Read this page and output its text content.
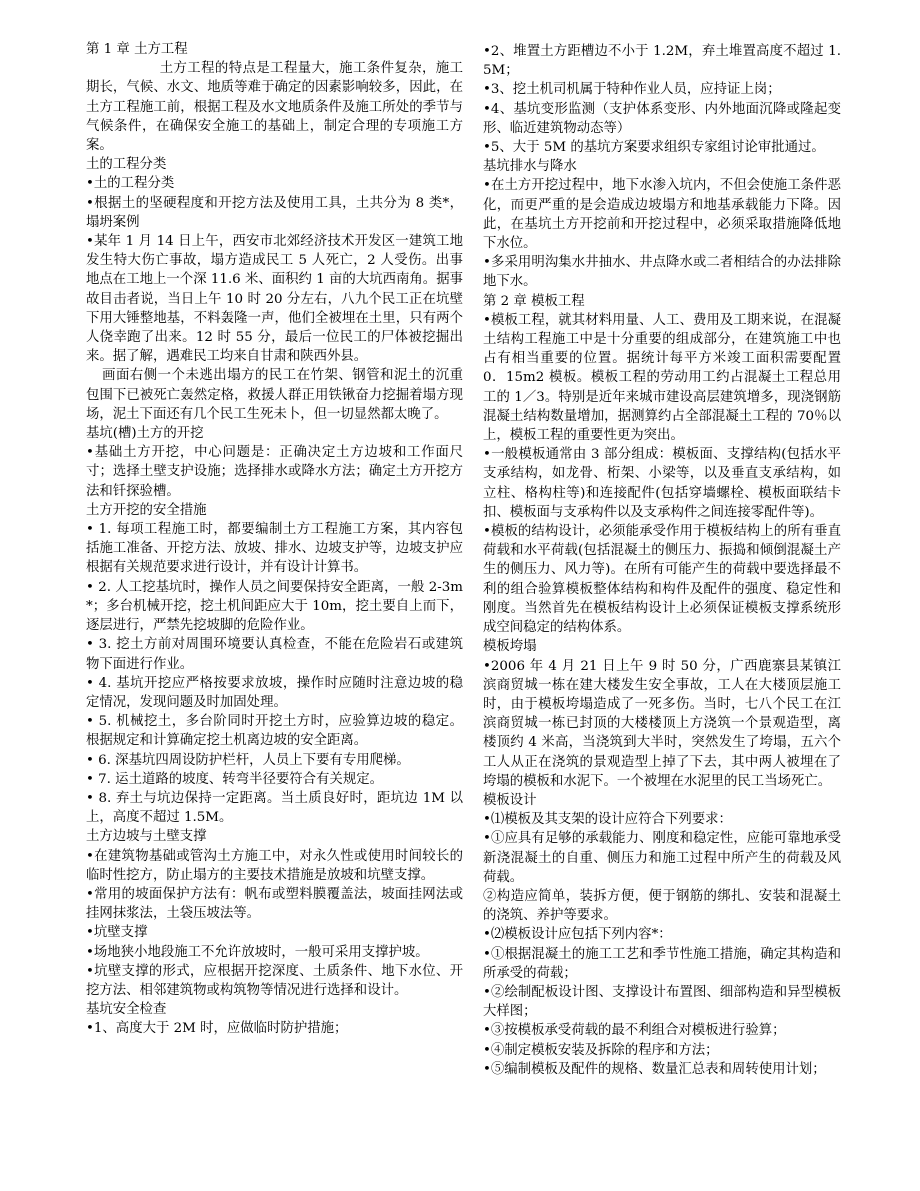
第 1 章 土方工程

土方工程的特点是工程量大，施工条件复杂，施工期长，气候、水文、地质等难于确定的因素影响较多，因此，在土方工程施工前，根据工程及水文地质条件及施工所处的季节与气候条件，在确保安全施工的基础上，制定合理的专项施工方案。

土的工程分类

•土的工程分类

•根据土的坚硬程度和开挖方法及使用工具，土共分为 8 类*，塌坍案例

•某年 1 月 14 日上午，西安市北郊经济技术开发区一建筑工地发生特大伤亡事故，塌方造成民工 5 人死亡，2 人受伤。出事地点在工地上一个深 11.6 米、面积约 1 亩的大坑西南角。据事故目击者说，当日上午 10 时 20 分左右，八九个民工正在坑壁下用大锤整地基，不料轰隆一声，他们全被埋在土里，只有两个人侥幸跑了出来。12 时 55 分，最后一位民工的尸体被挖掘出来。据了解，遇难民工均来自甘肃和陕西外县。

画面右侧一个未逃出塌方的民工在竹架、钢管和泥土的沉重包围下已被死亡轰然定格，救援人群正用铁锹奋力挖掘着塌方现场，泥土下面还有几个民工生死未卜，但一切显然都太晚了。

基坑(槽)土方的开挖

•基础土方开挖，中心问题是：正确决定土方边坡和工作面尺寸；选择土壁支护设施；选择排水或降水方法；确定土方开挖方法和钎探验槽。

土方开挖的安全措施

• 1. 每项工程施工时，都要编制土方工程施工方案，其内容包括施工准备、开挖方法、放坡、排水、边坡支护等，边坡支护应根据有关规范要求进行设计，并有设计计算书。

• 2. 人工挖基坑时，操作人员之间要保持安全距离，一般 2-3m*；多台机械开挖，挖土机间距应大于 10m，挖土要自上而下，逐层进行，严禁先挖坡脚的危险作业。

• 3. 挖土方前对周围环境要认真检查，不能在危险岩石或建筑物下面进行作业。

• 4. 基坑开挖应严格按要求放坡，操作时应随时注意边坡的稳定情况，发现问题及时加固处理。

• 5. 机械挖土，多台阶同时开挖土方时，应验算边坡的稳定。根据规定和计算确定挖土机离边坡的安全距离。

• 6. 深基坑四周设防护栏杆，人员上下要有专用爬梯。

• 7. 运土道路的坡度、转弯半径要符合有关规定。

• 8. 弃土与坑边保持一定距离。当土质良好时，距坑边 1M 以上，高度不超过 1.5M。

土方边坡与土壁支撑

•在建筑物基础或管沟土方施工中，对永久性或使用时间较长的临时性挖方，防止塌方的主要技术措施是放坡和坑壁支撑。

•常用的坡面保护方法有：帆布或塑料膜覆盖法，坡面挂网法或挂网抹浆法，土袋压坡法等。

•坑壁支撑

•场地狭小地段施工不允许放坡时，一般可采用支撑护坡。

•坑壁支撑的形式，应根据开挖深度、土质条件、地下水位、开挖方法、相邻建筑物或构筑物等情况进行选择和设计。

基坑安全检查

•1、高度大于 2M 时，应做临时防护措施；

•2、堆置土方距槽边不小于 1.2M，弃土堆置高度不超过 1.5M；

•3、挖土机司机属于特种作业人员，应持证上岗；

•4、基坑变形监测（支护体系变形、内外地面沉降或隆起变形、临近建筑物动态等）

•5、大于 5M 的基坑方案要求组织专家组讨论审批通过。

基坑排水与降水

•在土方开挖过程中，地下水渗入坑内，不但会使施工条件恶化，而更严重的是会造成边坡塌方和地基承载能力下降。因此，在基坑土方开挖前和开挖过程中，必须采取措施降低地下水位。

•多采用明沟集水井抽水、井点降水或二者相结合的办法排除地下水。

第 2 章 模板工程

•模板工程，就其材料用量、人工、费用及工期来说，在混凝土结构工程施工中是十分重要的组成部分，在建筑施工中也占有相当重要的位置。据统计每平方米竣工面积需要配置 0．15m2 模板。模板工程的劳动用工约占混凝土工程总用工的 1／3。特别是近年来城市建设高层建筑增多，现浇钢筋混凝土结构数量增加，据测算约占全部混凝土工程的 70％以上，模板工程的重要性更为突出。

•一般模板通常由 3 部分组成：模板面、支撑结构(包括水平支承结构，如龙骨、桁架、小梁等，以及垂直支承结构，如立柱、格构柱等)和连接配件(包括穿墙螺栓、模板面联结卡扣、模板面与支承构件以及支承构件之间连接零配件等)。

•模板的结构设计，必须能承受作用于模板结构上的所有垂直荷载和水平荷载(包括混凝土的侧压力、振捣和倾倒混凝土产生的侧压力、风力等)。在所有可能产生的荷载中要选择最不利的组合验算模板整体结构和构件及配件的强度、稳定性和刚度。当然首先在模板结构设计上必须保证模板支撑系统形成空间稳定的结构体系。

模板垮塌

•2006 年 4 月 21 日上午 9 时 50 分，广西鹿寨县某镇江滨商贸城一栋在建大楼发生安全事故，工人在大楼顶层施工时，由于模板垮塌造成了一死多伤。当时，七八个民工在江滨商贸城一栋已封顶的大楼楼顶上方浇筑一个景观造型，离楼顶约 4 米高，当浇筑到大半时，突然发生了垮塌，五六个工人从正在浇筑的景观造型上掉了下去，其中两人被埋在了垮塌的模板和水泥下。一个被埋在水泥里的民工当场死亡。

模板设计

•⑴模板及其支架的设计应符合下列要求：

•①应具有足够的承载能力、刚度和稳定性，应能可靠地承受新浇混凝土的自重、侧压力和施工过程中所产生的荷载及风荷载。

②构造应简单，装拆方便，便于钢筋的绑扎、安装和混凝土的浇筑、养护等要求。

•⑵模板设计应包括下列内容*：

•①根据混凝土的施工工艺和季节性施工措施，确定其构造和所承受的荷载；

•②绘制配板设计图、支撑设计布置图、细部构造和异型模板大样图；

•③按模板承受荷载的最不利组合对模板进行验算；

•④制定模板安装及拆除的程序和方法；

•⑤编制模板及配件的规格、数量汇总表和周转使用计划；
